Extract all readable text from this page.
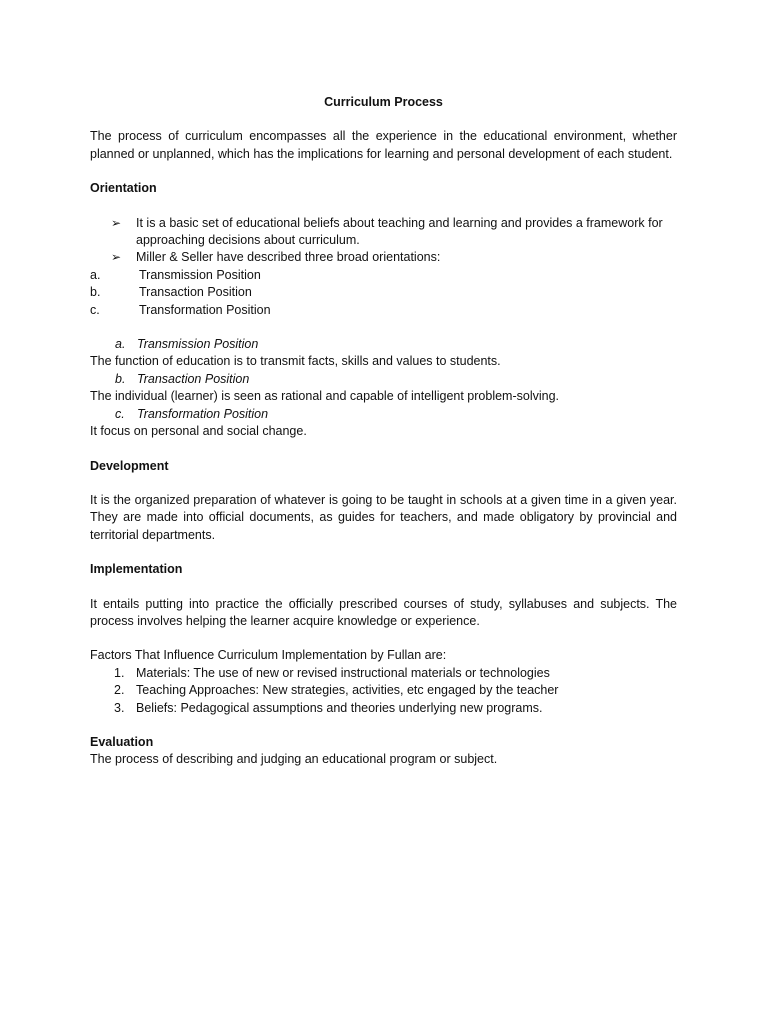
Curriculum Process

The process of curriculum encompasses all the experience in the educational environment, whether planned or unplanned, which has the implications for learning and personal development of each student.

Orientation

➢ It is a basic set of educational beliefs about teaching and learning and provides a framework for approaching decisions about curriculum.
➢ Miller & Seller have described three broad orientations:
a.	Transmission Position
b.	Transaction Position
c.	Transformation Position

a. Transmission Position

The function of education is to transmit facts, skills and values to students.

b. Transaction Position

The individual (learner) is seen as rational and capable of intelligent problem-solving.

c. Transformation Position

It focus on personal and social change.

Development

It is the organized preparation of whatever is going to be taught in schools at a given time in a given year. They are made into official documents, as guides for teachers, and made obligatory by provincial and territorial departments.

Implementation

It entails putting into practice the officially prescribed courses of study, syllabuses and subjects. The process involves helping the learner acquire knowledge or experience.

Factors That Influence Curriculum Implementation by Fullan are:

1. Materials: The use of new or revised instructional materials or technologies
2. Teaching Approaches: New strategies, activities, etc engaged by the teacher
3. Beliefs: Pedagogical assumptions and theories underlying new programs.

Evaluation

The process of describing and judging an educational program or subject.
